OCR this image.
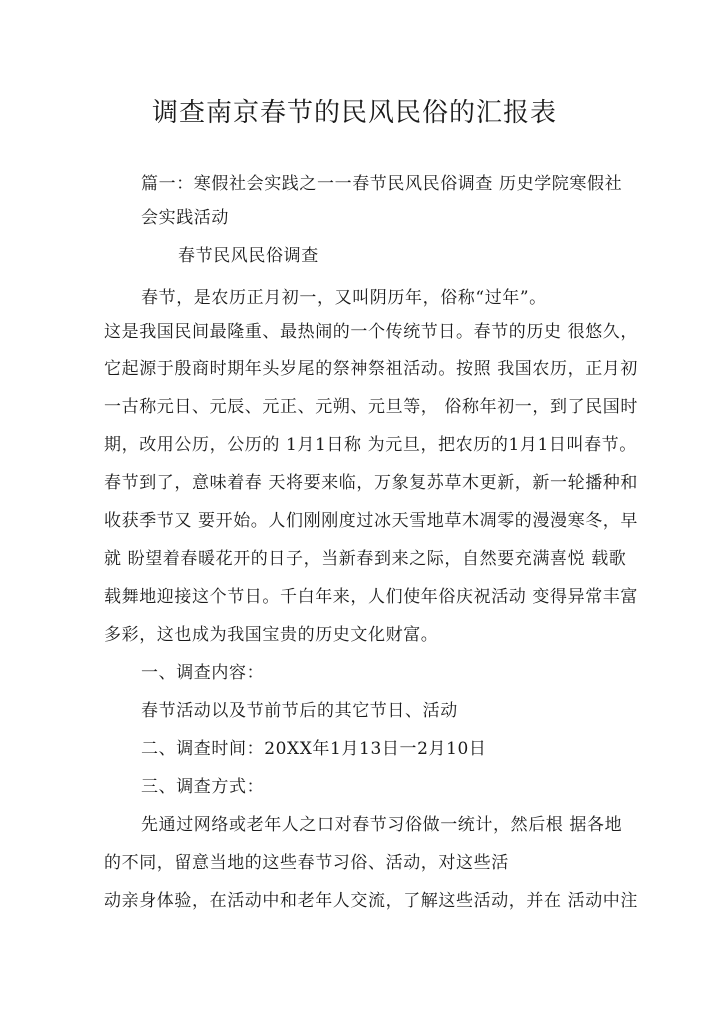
调查南京春节的民风民俗的汇报表

篇一：寒假社会实践之一一春节民风民俗调查 历史学院寒假社

会实践活动

春节民风民俗调查

春节，是农历正月初一，又叫阴历年，俗称“过年”。

这是我国民间最隆重、最热闹的一个传统节日。春节的历史 很悠久，

它起源于殷商时期年头岁尾的祭神祭祖活动。按照 我国农历，正月初

一古称元日、元辰、元正、元朔、元旦等， 俗称年初一，到了民国时

期，改用公历，公历的 1月1日称 为元旦，把农历的1月1日叫春节。

春节到了，意味着春 天将要来临，万象复苏草木更新，新一轮播种和

收获季节又 要开始。人们刚刚度过冰天雪地草木凋零的漫漫寒冬，早

就 盼望着春暖花开的日子，当新春到来之际，自然要充满喜悦 载歌

载舞地迎接这个节日。千白年来，人们使年俗庆祝活动 变得异常丰富

多彩，这也成为我国宝贵的历史文化财富。

一、调查内容：

春节活动以及节前节后的其它节日、活动

二、调查时间：20XX年1月13日一2月10日

三、调查方式：

先通过网络或老年人之口对春节习俗做一统计，然后根 据各地

的不同，留意当地的这些春节习俗、活动，对这些活

动亲身体验，在活动中和老年人交流，了解这些活动，并在 活动中注
